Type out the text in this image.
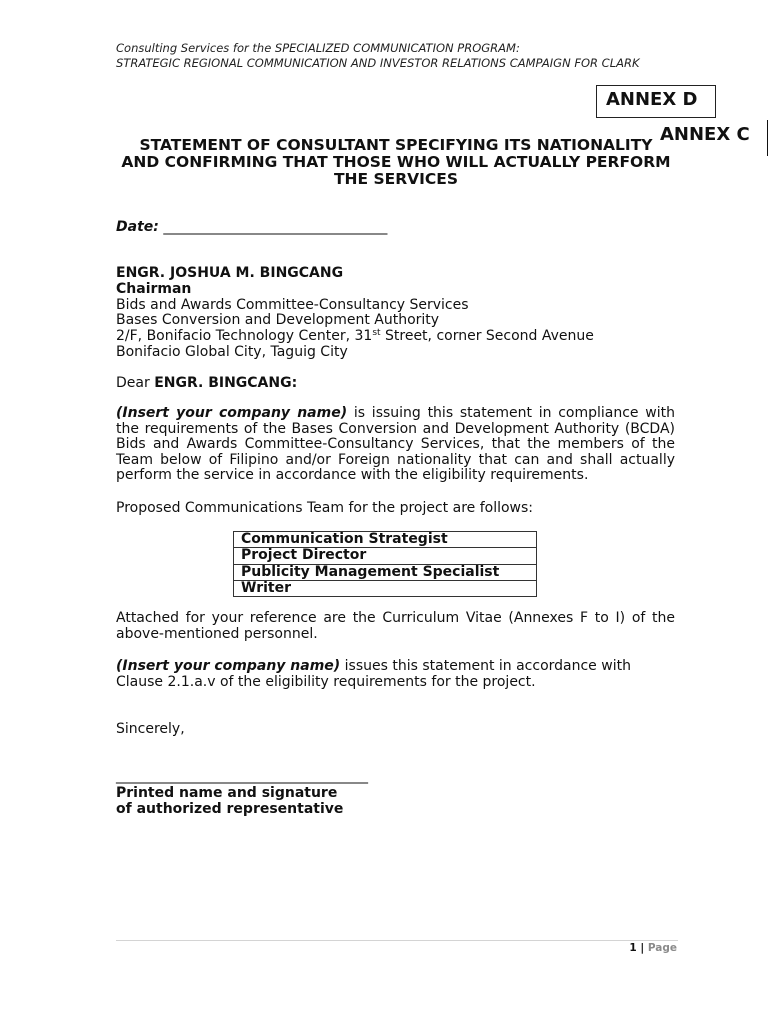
Consulting Services for the SPECIALIZED COMMUNICATION PROGRAM:
STRATEGIC REGIONAL COMMUNICATION AND INVESTOR RELATIONS CAMPAIGN FOR CLARK
ANNEX D
ANNEX C
STATEMENT OF CONSULTANT SPECIFYING ITS NATIONALITY
AND CONFIRMING THAT THOSE WHO WILL ACTUALLY PERFORM
THE SERVICES
Date: ________________________________
ENGR. JOSHUA M. BINGCANG
Chairman
Bids and Awards Committee-Consultancy Services
Bases Conversion and Development Authority
2/F, Bonifacio Technology Center, 31st Street, corner Second Avenue
Bonifacio Global City, Taguig City
Dear ENGR. BINGCANG:
(Insert your company name) is issuing this statement in compliance with the requirements of the Bases Conversion and Development Authority (BCDA) Bids and Awards Committee-Consultancy Services, that the members of the Team below of Filipino and/or Foreign nationality that can and shall actually perform the service in accordance with the eligibility requirements.
Proposed Communications Team for the project are follows:
Communication Strategist
Project Director
Publicity Management Specialist
Writer
Attached for your reference are the Curriculum Vitae (Annexes F to I) of the above-mentioned personnel.
(Insert your company name) issues this statement in accordance with Clause 2.1.a.v of the eligibility requirements for the project.
Sincerely,
____________________________________
Printed name and signature
of authorized representative
1 | Page
